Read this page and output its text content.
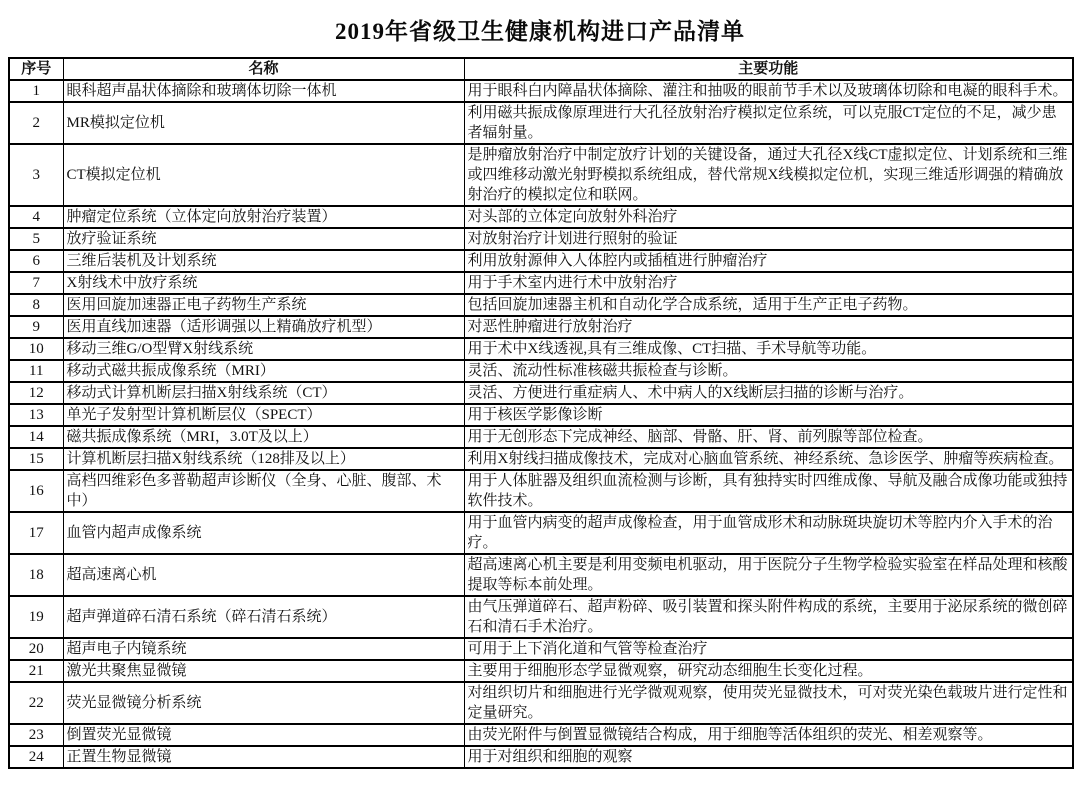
2019年省级卫生健康机构进口产品清单
序号	名称	主要功能
1	眼科超声晶状体摘除和玻璃体切除一体机	用于眼科白内障晶状体摘除、灌注和抽吸的眼前节手术以及玻璃体切除和电凝的眼科手术。
2	MR模拟定位机	利用磁共振成像原理进行大孔径放射治疗模拟定位系统，可以克服CT定位的不足，减少患者辐射量。
3	CT模拟定位机	是肿瘤放射治疗中制定放疗计划的关键设备，通过大孔径X线CT虚拟定位、计划系统和三维或四维移动激光射野模拟系统组成，替代常规X线模拟定位机，实现三维适形调强的精确放射治疗的模拟定位和联网。
4	肿瘤定位系统（立体定向放射治疗装置）	对头部的立体定向放射外科治疗
5	放疗验证系统	对放射治疗计划进行照射的验证
6	三维后装机及计划系统	利用放射源伸入人体腔内或插植进行肿瘤治疗
7	X射线术中放疗系统	用于手术室内进行术中放射治疗
8	医用回旋加速器正电子药物生产系统	包括回旋加速器主机和自动化学合成系统，适用于生产正电子药物。
9	医用直线加速器（适形调强以上精确放疗机型）	对恶性肿瘤进行放射治疗
10	移动三维G/O型臂X射线系统	用于术中X线透视,具有三维成像、CT扫描、手术导航等功能。
11	移动式磁共振成像系统（MRI）	灵活、流动性标准核磁共振检查与诊断。
12	移动式计算机断层扫描X射线系统（CT）	灵活、方便进行重症病人、术中病人的X线断层扫描的诊断与治疗。
13	单光子发射型计算机断层仪（SPECT）	用于核医学影像诊断
14	磁共振成像系统（MRI，3.0T及以上）	用于无创形态下完成神经、脑部、骨骼、肝、肾、前列腺等部位检查。
15	计算机断层扫描X射线系统（128排及以上）	利用X射线扫描成像技术，完成对心脑血管系统、神经系统、急诊医学、肿瘤等疾病检查。
16	高档四维彩色多普勒超声诊断仪（全身、心脏、腹部、术中）	用于人体脏器及组织血流检测与诊断，具有独持实时四维成像、导航及融合成像功能或独持软件技术。
17	血管内超声成像系统	用于血管内病变的超声成像检查，用于血管成形术和动脉斑块旋切术等腔内介入手术的治疗。
18	超高速离心机	超高速离心机主要是利用变频电机驱动，用于医院分子生物学检验实验室在样品处理和核酸提取等标本前处理。
19	超声弹道碎石清石系统（碎石清石系统）	由气压弹道碎石、超声粉碎、吸引装置和探头附件构成的系统，主要用于泌尿系统的微创碎石和清石手术治疗。
20	超声电子内镜系统	可用于上下消化道和气管等检查治疗
21	激光共聚焦显微镜	主要用于细胞形态学显微观察，研究动态细胞生长变化过程。
22	荧光显微镜分析系统	对组织切片和细胞进行光学微观观察，使用荧光显微技术，可对荧光染色载玻片进行定性和定量研究。
23	倒置荧光显微镜	由荧光附件与倒置显微镜结合构成，用于细胞等活体组织的荧光、相差观察等。
24	正置生物显微镜	用于对组织和细胞的观察
